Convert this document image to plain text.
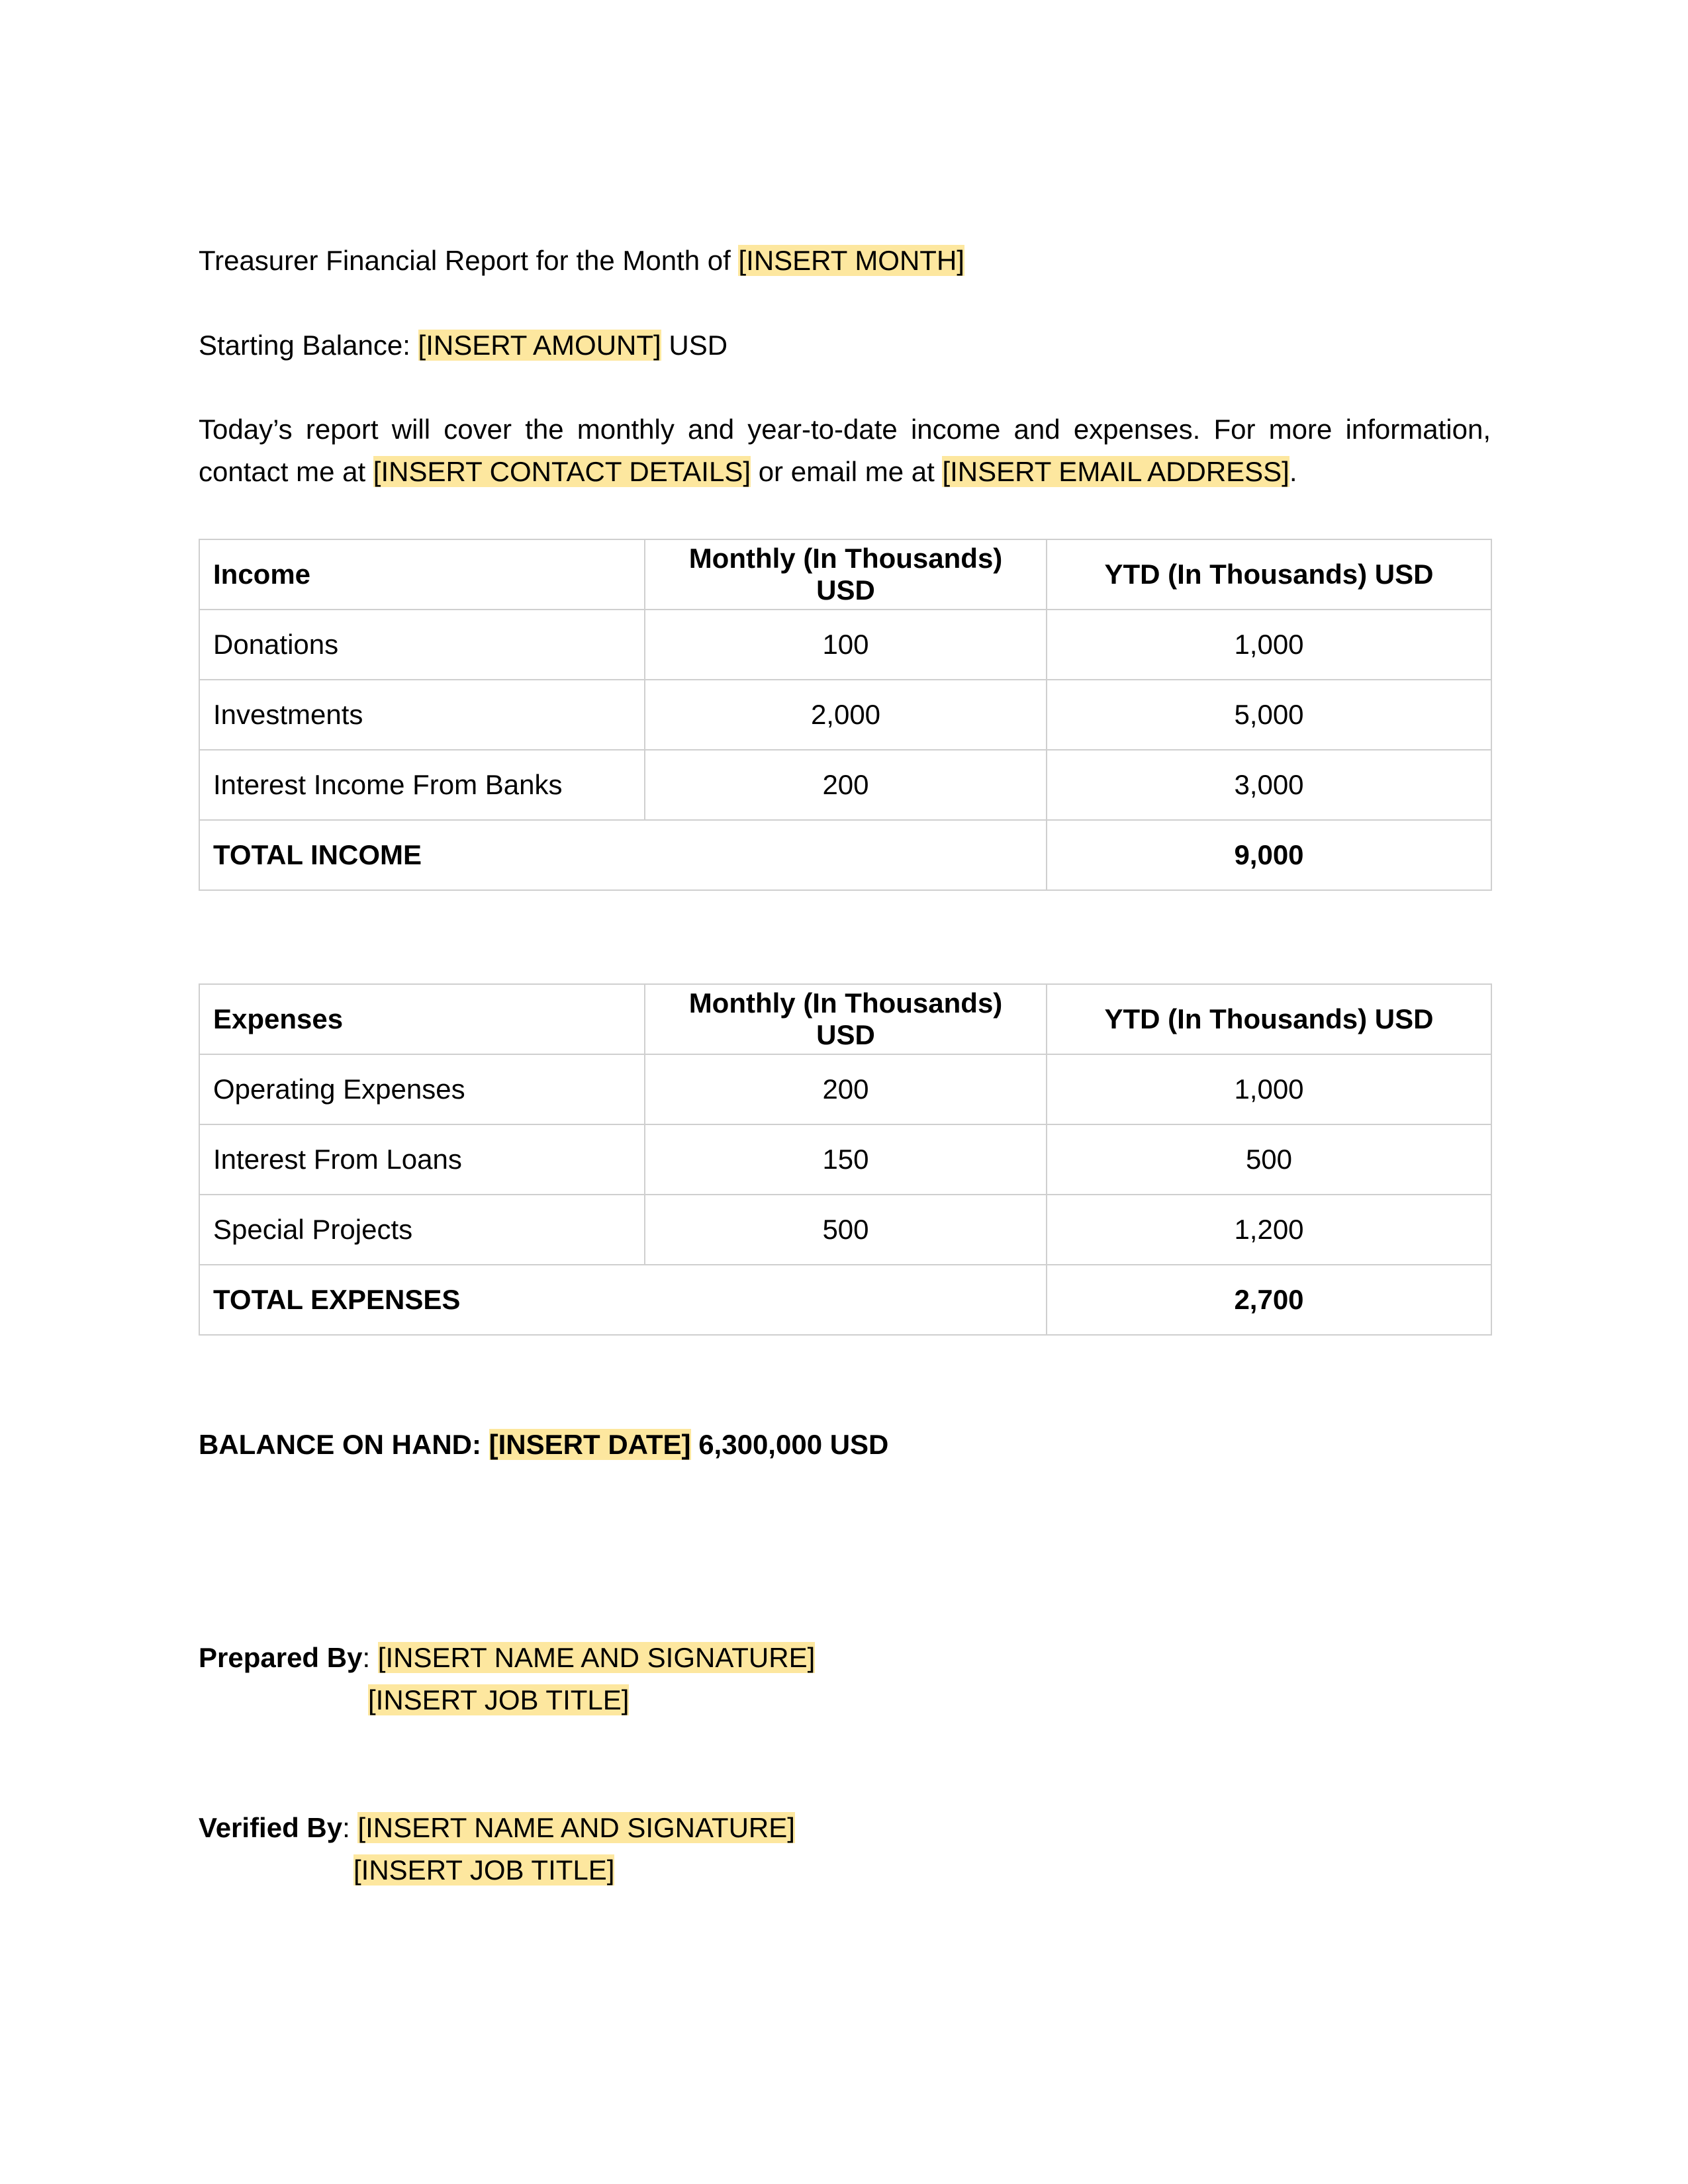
Treasurer Financial Report for the Month of [INSERT MONTH]
Starting Balance: [INSERT AMOUNT] USD
Today’s report will cover the monthly and year-to-date income and expenses. For more information, contact me at [INSERT CONTACT DETAILS] or email me at [INSERT EMAIL ADDRESS].
Income	Monthly (In Thousands) USD	YTD (In Thousands) USD
Donations	100	1,000
Investments	2,000	5,000
Interest Income From Banks	200	3,000
TOTAL INCOME		9,000
Expenses	Monthly (In Thousands) USD	YTD (In Thousands) USD
Operating Expenses	200	1,000
Interest From Loans	150	500
Special Projects	500	1,200
TOTAL EXPENSES		2,700
BALANCE ON HAND: [INSERT DATE] 6,300,000 USD
Prepared By: [INSERT NAME AND SIGNATURE]
[INSERT JOB TITLE]
Verified By: [INSERT NAME AND SIGNATURE]
[INSERT JOB TITLE]
